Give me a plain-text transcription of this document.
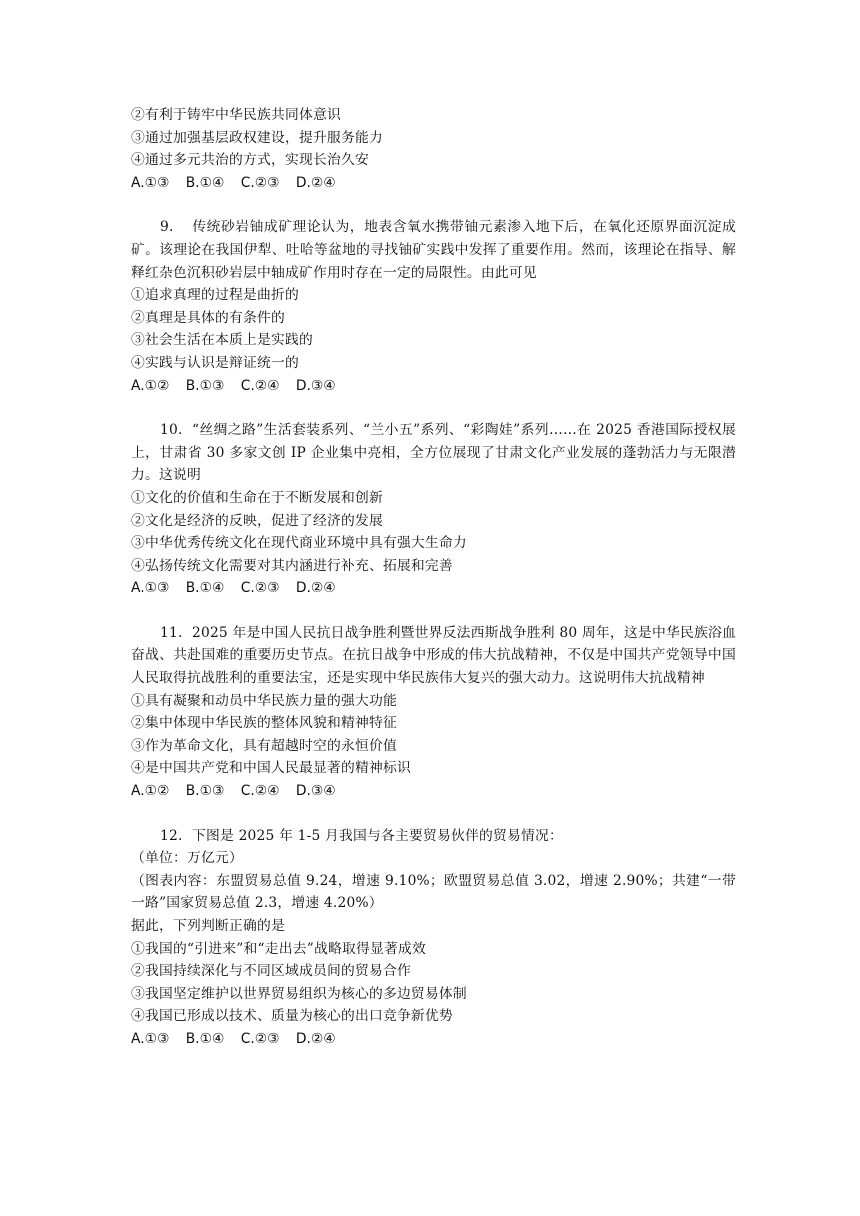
②有利于铸牢中华民族共同体意识
③通过加强基层政权建设，提升服务能力
④通过多元共治的方式，实现长治久安
A.①③ B.①④ C.②③ D.②④
9. 传统砂岩铀成矿理论认为，地表含氧水携带铀元素渗入地下后，在氧化还原界面沉淀成矿。该理论在我国伊犁、吐哈等盆地的寻找铀矿实践中发挥了重要作用。然而，该理论在指导、解释红杂色沉积砂岩层中轴成矿作用时存在一定的局限性。由此可见
①追求真理的过程是曲折的
②真理是具体的有条件的
③社会生活在本质上是实践的
④实践与认识是辩证统一的
A.①② B.①③ C.②④ D.③④
10. “丝绸之路”生活套装系列、“兰小五”系列、“彩陶娃”系列……在 2025 香港国际授权展上，甘肃省 30 多家文创 IP 企业集中亮相，全方位展现了甘肃文化产业发展的蓬勃活力与无限潜力。这说明
①文化的价值和生命在于不断发展和创新
②文化是经济的反映，促进了经济的发展
③中华优秀传统文化在现代商业环境中具有强大生命力
④弘扬传统文化需要对其内涵进行补充、拓展和完善
A.①③ B.①④ C.②③ D.②④
11. 2025 年是中国人民抗日战争胜利暨世界反法西斯战争胜利 80 周年，这是中华民族浴血奋战、共赴国难的重要历史节点。在抗日战争中形成的伟大抗战精神，不仅是中国共产党领导中国人民取得抗战胜利的重要法宝，还是实现中华民族伟大复兴的强大动力。这说明伟大抗战精神
①具有凝聚和动员中华民族力量的强大功能
②集中体现中华民族的整体风貌和精神特征
③作为革命文化，具有超越时空的永恒价值
④是中国共产党和中国人民最显著的精神标识
A.①② B.①③ C.②④ D.③④
12. 下图是 2025 年 1-5 月我国与各主要贸易伙伴的贸易情况：
（单位：万亿元）
（图表内容：东盟贸易总值 9.24，增速 9.10%；欧盟贸易总值 3.02，增速 2.90%；共建“一带一路”国家贸易总值 2.3，增速 4.20%）
据此，下列判断正确的是
①我国的“引进来”和“走出去”战略取得显著成效
②我国持续深化与不同区域成员间的贸易合作
③我国坚定维护以世界贸易组织为核心的多边贸易体制
④我国已形成以技术、质量为核心的出口竞争新优势
A.①③ B.①④ C.②③ D.②④
